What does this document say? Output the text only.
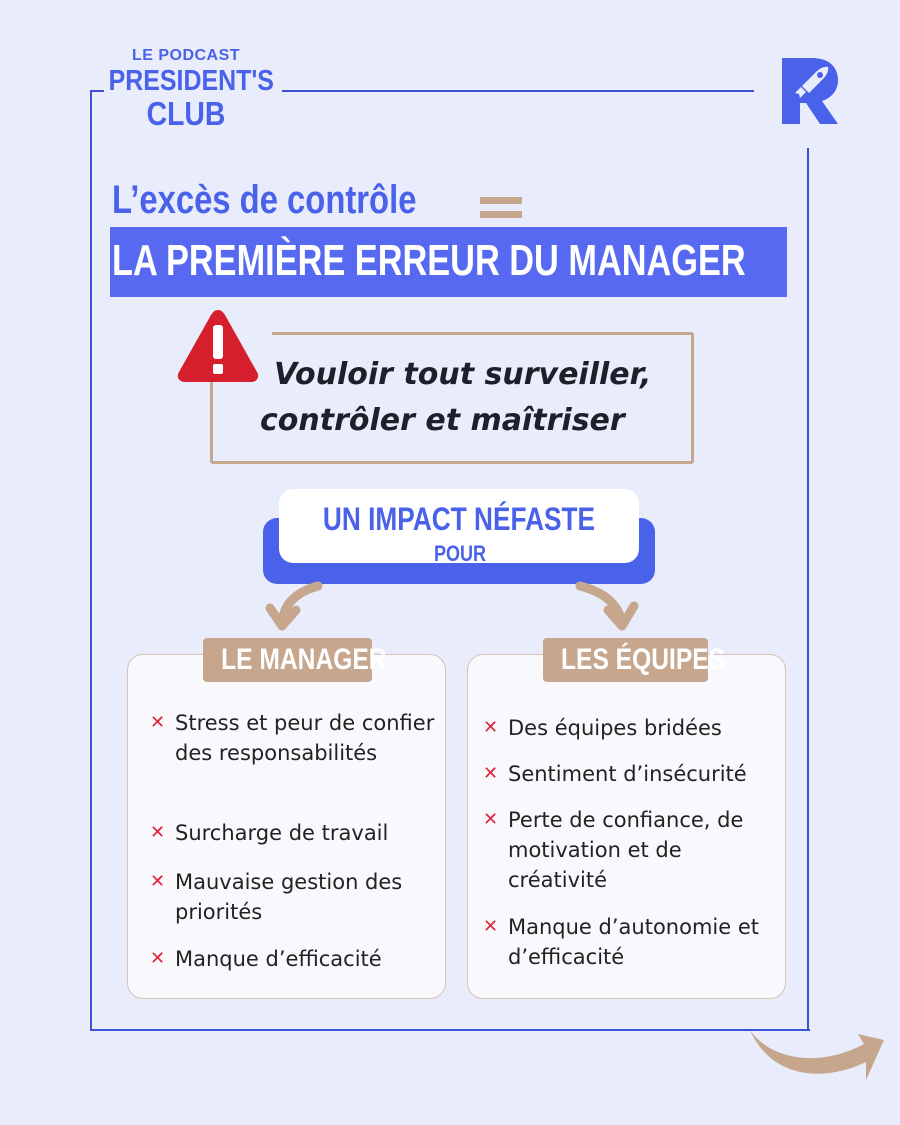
LE PODCAST
PRESIDENT'S
CLUB
L’excès de contrôle
LA PREMIÈRE ERREUR DU MANAGER
Vouloir tout surveiller,
contrôler et maîtriser
UN IMPACT NÉFASTE
POUR
LE MANAGER
✕ Stress et peur de confier des responsabilités
✕ Surcharge de travail
✕ Mauvaise gestion des priorités
✕ Manque d’efficacité
LES ÉQUIPES
✕ Des équipes bridées
✕ Sentiment d’insécurité
✕ Perte de confiance, de motivation et de créativité
✕ Manque d’autonomie et d’efficacité
